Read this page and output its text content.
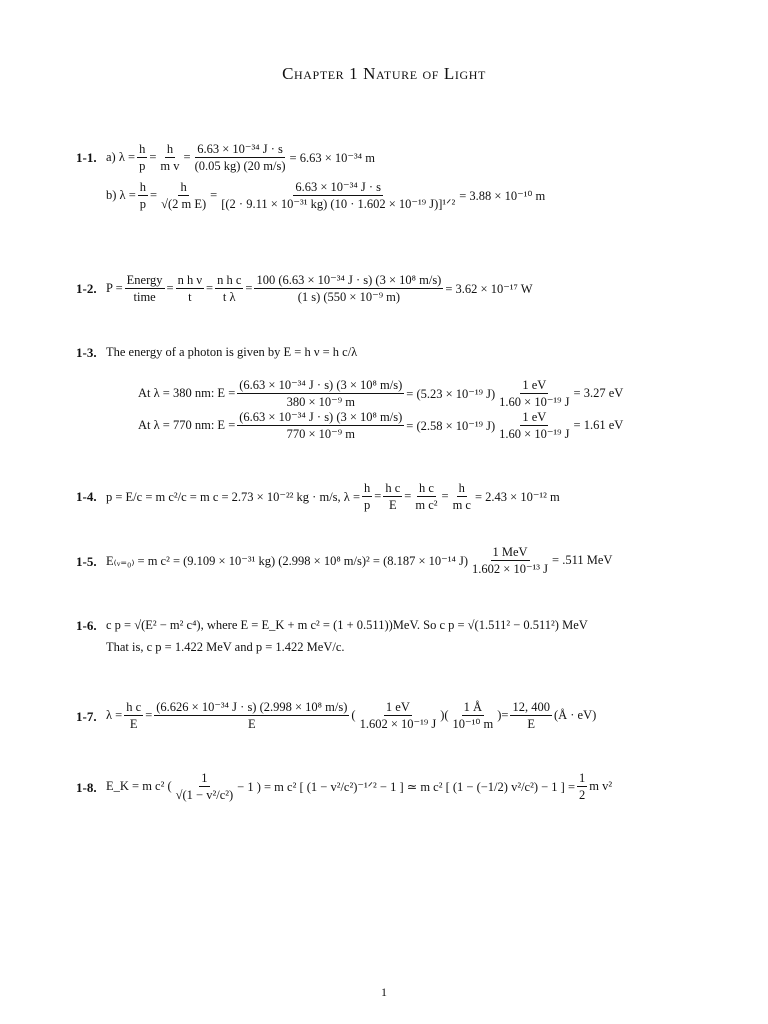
Chapter 1 Nature of Light
1-1. a) $\lambda = \frac{h}{p} = \frac{h}{\text{m v}} = \frac{\text{6.63 × 10⁻³⁴ J · s}}{(0.05 kg) (20 m/s)} = 6.63 \times 10^{-34}$ m
b) $\lambda = \frac{h}{p} = \frac{h}{\text{√(2 m E)}} = \frac{\text{6.63 × 10⁻³⁴ J · s}}{\text{[(2 · 9.11 × 10⁻³¹ kg) (10 · 1.602 × 10⁻¹⁹ J)]¹ᐟ²}} = 3.88 \times 10^{-10}$ m
1-2. $P = \frac{\text{Energy}}{\text{time}} = \frac{\text{n h ν}}{t} = \frac{\text{n h c}}{\text{t λ}} = \frac{\text{100 (6.63 × 10⁻³⁴ J · s) (3 × 10⁸ m/s)}}{\text{(1 s) (550 × 10⁻⁹ m)}} = 3.62 \times 10^{-17}$ W
1-3. The energy of a photon is given by E = h ν = h c/λ
At λ = 380 nm: $E = \frac{\text{(6.63 × 10⁻³⁴ J · s) (3 × 10⁸ m/s)}}{\text{380 × 10⁻⁹ m}} = (5.23 \times 10^{-19}$ $J) \frac{1 eV}{\text{1.60 × 10⁻¹⁹ J}} = 3.27$ eV
At λ = 770 nm: $E = \frac{\text{(6.63 × 10⁻³⁴ J · s) (3 × 10⁸ m/s)}}{\text{770 × 10⁻⁹ m}} = (2.58 \times 10^{-19}$ $J) \frac{1 eV}{\text{1.60 × 10⁻¹⁹ J}} = 1.61$ eV
1-4. p = E/c = m c²/c = m c = 2.73 × 10⁻²² kg · m/s, $\lambda = \frac{h}{p} = \frac{\text{h c}}{E} = \frac{\text{h c}}{\text{m c²}} = \frac{h}{\text{m c}} = 2.43 \times 10^{-12}$ m
1-5. E₍ᵥ₌₀₎ = m c² = (9.109 × 10⁻³¹ kg) (2.998 × 10⁸ m/s)² = (8.187 × 10⁻¹⁴ $J) \frac{\text{1 MeV}}{\text{1.602 × 10⁻¹³ J}} = .511$ MeV
1-6. c p = √(E² − m² c⁴), where E = E_K + m c² = (1 + 0.511))MeV. So c p = √(1.511² − 0.511²) MeV
That is, c p = 1.422 MeV and p = 1.422 MeV/c.
1-7. $\lambda = \frac{\text{h c}}{E} = \frac{\text{(6.626 × 10⁻³⁴ J · s) (2.998 × 10⁸ m/s)}}{E}$ ( $\frac{1 eV}{\text{1.602 × 10⁻¹⁹ J}}$ )( $\frac{1 Å}{\text{10⁻¹⁰ m}}$ )= $\frac{12, 400}{E}$ (Å · eV)
1-8. E_K = m c² ( $\frac{1}{\text{√(1 − v²/c²)}} - 1$ ) = m c² [ (1 − v²/c²)⁻¹ᐟ² − 1 ] ≃ m c² [ (1 − (−1/2) v²/c²) − 1 ] = $\frac{1}{2}$ m v²
1
